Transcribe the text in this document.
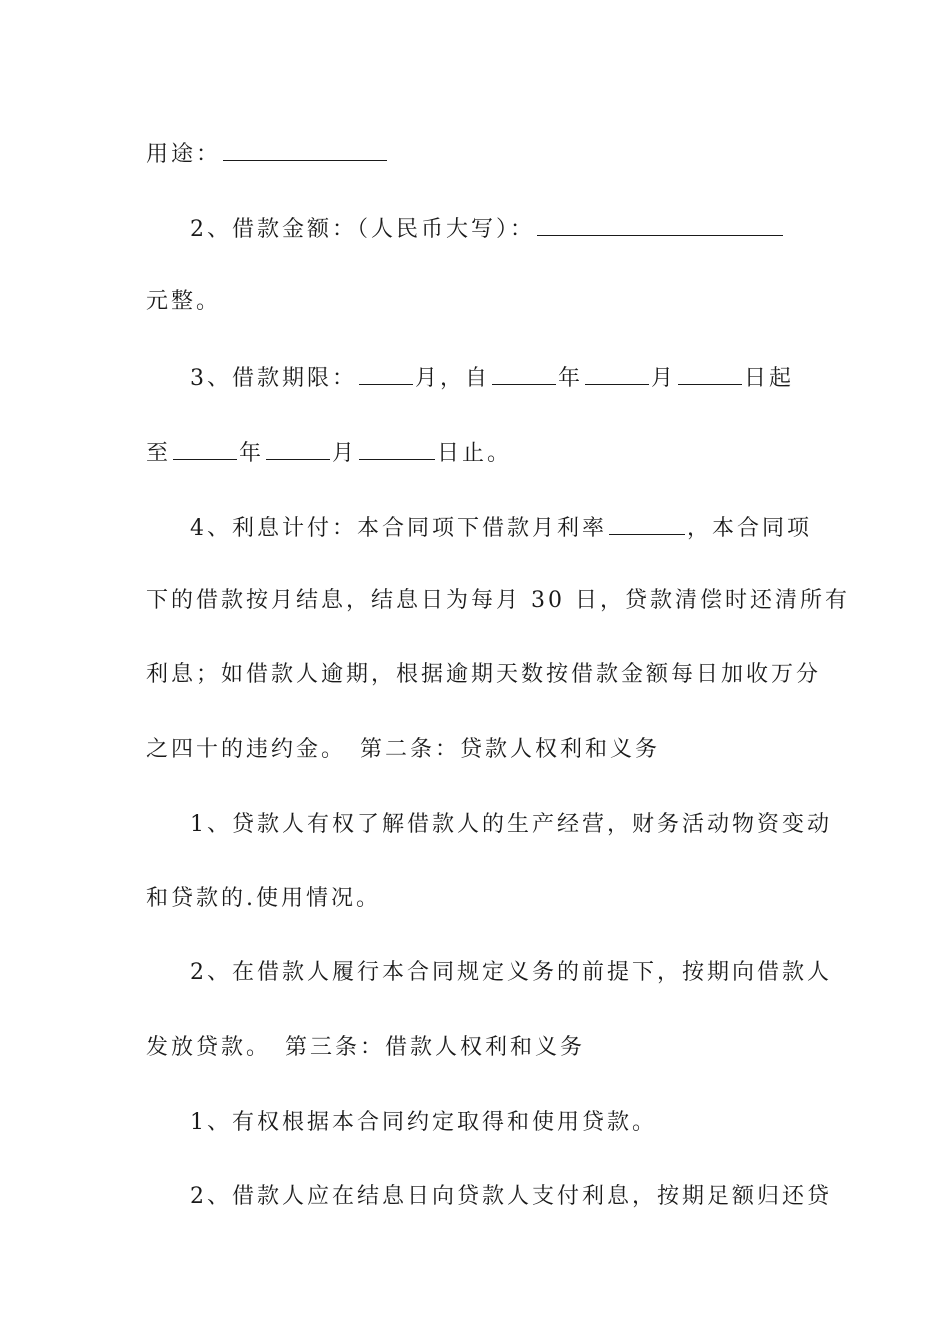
用途：
2、借款金额：（人民币大写）：
元整。
3、借款期限：	月，自	年	月	日起
至	年	月	日止。
4、利息计付：本合同项下借款月利率	，本合同项
下的借款按月结息，结息日为每月 30 日，贷款清偿时还清所有
利息；如借款人逾期，根据逾期天数按借款金额每日加收万分
之四十的违约金。 第二条：贷款人权利和义务
1、贷款人有权了解借款人的生产经营，财务活动物资变动
和贷款的.使用情况。
2、在借款人履行本合同规定义务的前提下，按期向借款人
发放贷款。 第三条：借款人权利和义务
1、有权根据本合同约定取得和使用贷款。
2、借款人应在结息日向贷款人支付利息，按期足额归还贷
